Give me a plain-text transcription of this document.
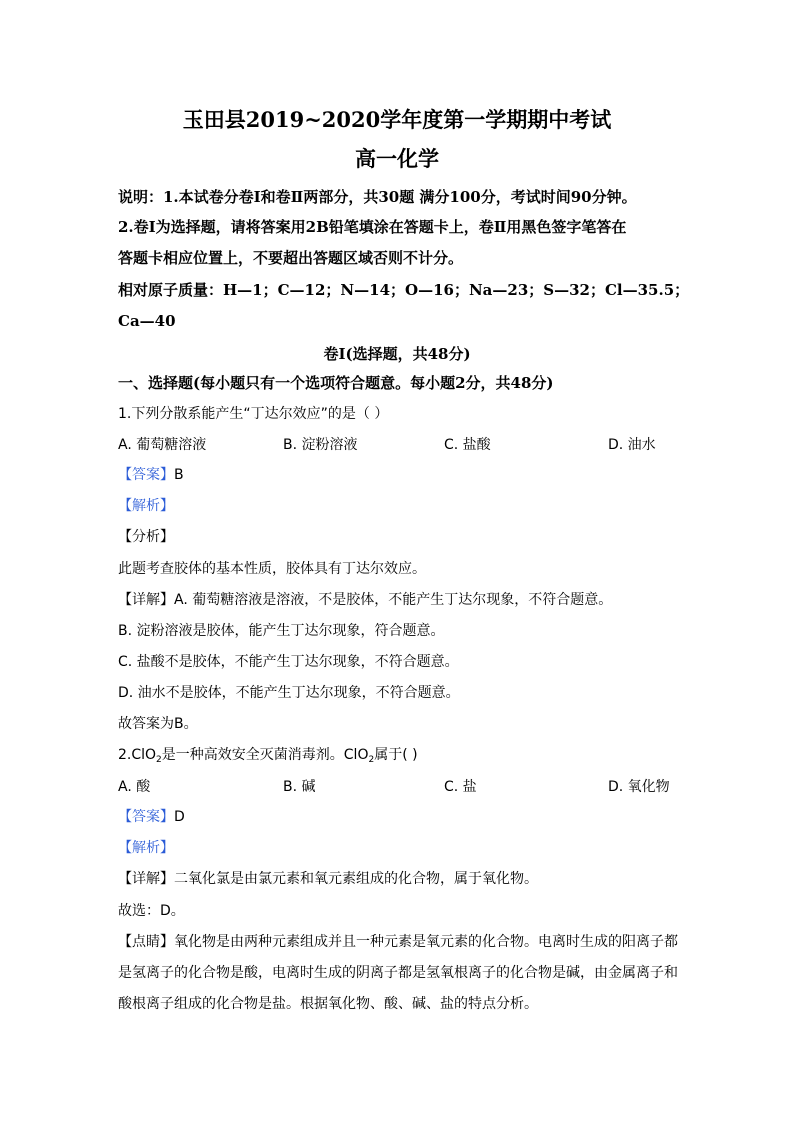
玉田县2019~2020学年度第一学期期中考试
高一化学
说明：1.本试卷分卷Ⅰ和卷Ⅱ两部分，共30题 满分100分，考试时间90分钟。
2.卷Ⅰ为选择题，请将答案用2B铅笔填涂在答题卡上，卷Ⅱ用黑色签字笔答在
答题卡相应位置上，不要超出答题区域否则不计分。
相对原子质量：H—1；C—12；N—14；O—16；Na—23；S—32；Cl—35.5；
Ca—40
卷Ⅰ(选择题，共48分)
一、选择题(每小题只有一个选项符合题意。每小题2分，共48分)
1.下列分散系能产生“丁达尔效应”的是（ ）
A. 葡萄糖溶液	B. 淀粉溶液	C. 盐酸	D. 油水
【答案】B
【解析】
【分析】
此题考查胶体的基本性质，胶体具有丁达尔效应。
【详解】A. 葡萄糖溶液是溶液，不是胶体，不能产生丁达尔现象，不符合题意。
B. 淀粉溶液是胶体，能产生丁达尔现象，符合题意。
C. 盐酸不是胶体，不能产生丁达尔现象，不符合题意。
D. 油水不是胶体，不能产生丁达尔现象，不符合题意。
故答案为B。
2.ClO$_2$是一种高效安全灭菌消毒剂。ClO$_2$属于( )
A. 酸	B. 碱	C. 盐	D. 氧化物
【答案】D
【解析】
【详解】二氧化氯是由氯元素和氧元素组成的化合物，属于氧化物。
故选：D。
【点睛】氧化物是由两种元素组成并且一种元素是氧元素的化合物。电离时生成的阳离子都
是氢离子的化合物是酸，电离时生成的阴离子都是氢氧根离子的化合物是碱，由金属离子和
酸根离子组成的化合物是盐。根据氧化物、酸、碱、盐的特点分析。
